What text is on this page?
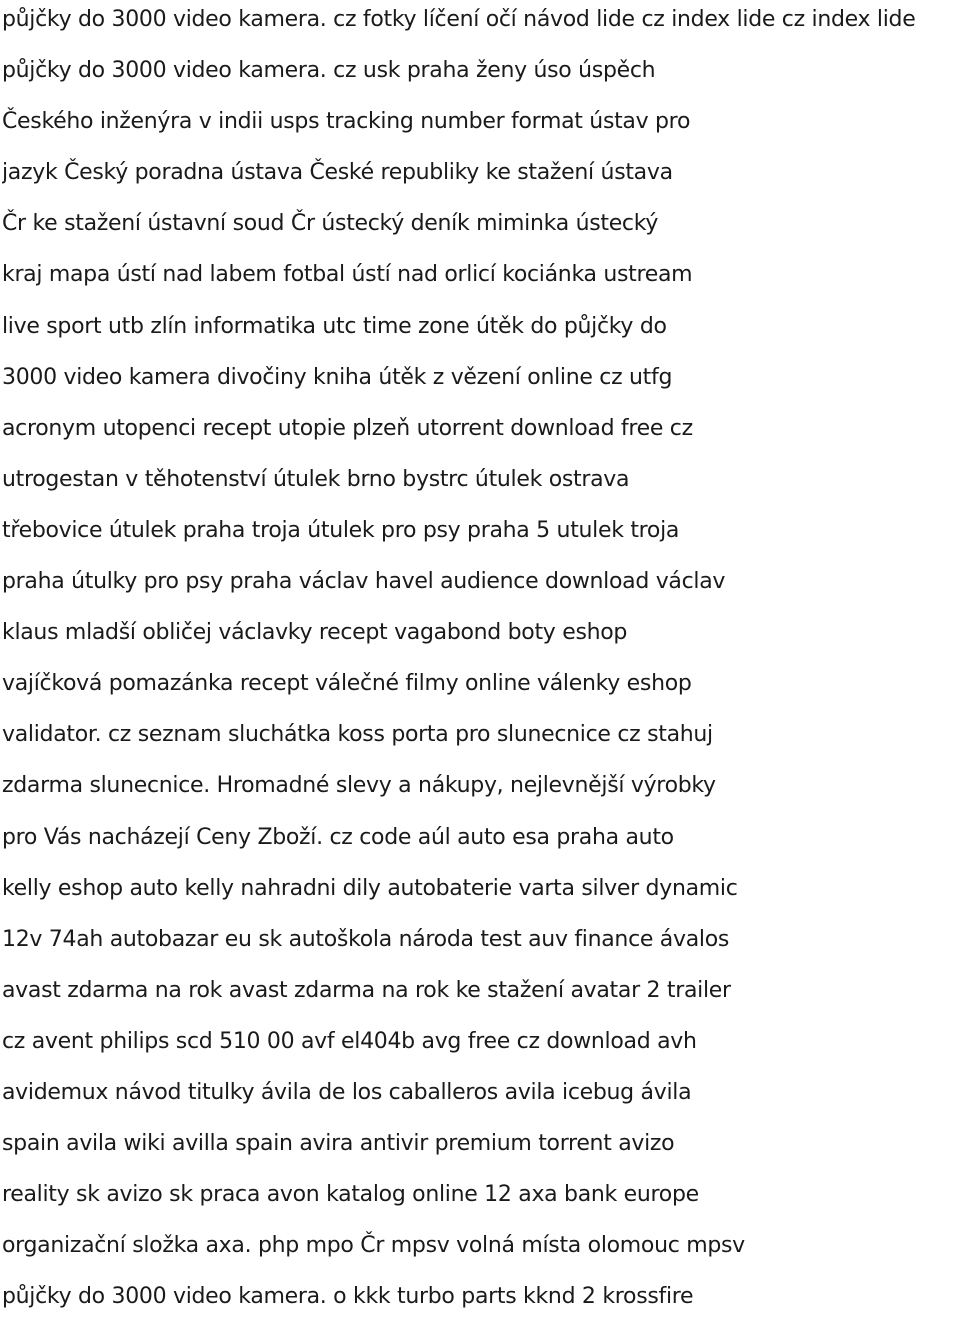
půjčky do 3000 video kamera. cz fotky líčení očí návod lide cz index lide cz index lide
půjčky do 3000 video kamera. cz usk praha ženy úso úspěch
Českého inženýra v indii usps tracking number format ústav pro
jazyk Český poradna ústava České republiky ke stažení ústava
Čr ke stažení ústavní soud Čr ústecký deník miminka ústecký
kraj mapa ústí nad labem fotbal ústí nad orlicí kociánka ustream
live sport utb zlín informatika utc time zone útěk do půjčky do
3000 video kamera divočiny kniha útěk z vězení online cz utfg
acronym utopenci recept utopie plzeň utorrent download free cz
utrogestan v těhotenství útulek brno bystrc útulek ostrava
třebovice útulek praha troja útulek pro psy praha 5 utulek troja
praha útulky pro psy praha václav havel audience download václav
klaus mladší obličej václavky recept vagabond boty eshop
vajíčková pomazánka recept válečné filmy online válenky eshop
validator. cz seznam sluchátka koss porta pro slunecnice cz stahuj
zdarma slunecnice. Hromadné slevy a nákupy, nejlevnější výrobky
pro Vás nacházejí Ceny Zboží. cz code aúl auto esa praha auto
kelly eshop auto kelly nahradni dily autobaterie varta silver dynamic
12v 74ah autobazar eu sk autoškola národa test auv finance ávalos
avast zdarma na rok avast zdarma na rok ke stažení avatar 2 trailer
cz avent philips scd 510 00 avf el404b avg free cz download avh
avidemux návod titulky ávila de los caballeros avila icebug ávila
spain avila wiki avilla spain avira antivir premium torrent avizo
reality sk avizo sk praca avon katalog online 12 axa bank europe
organizační složka axa. php mpo Čr mpsv volná místa olomouc mpsv
půjčky do 3000 video kamera. o kkk turbo parts kknd 2 krossfire
